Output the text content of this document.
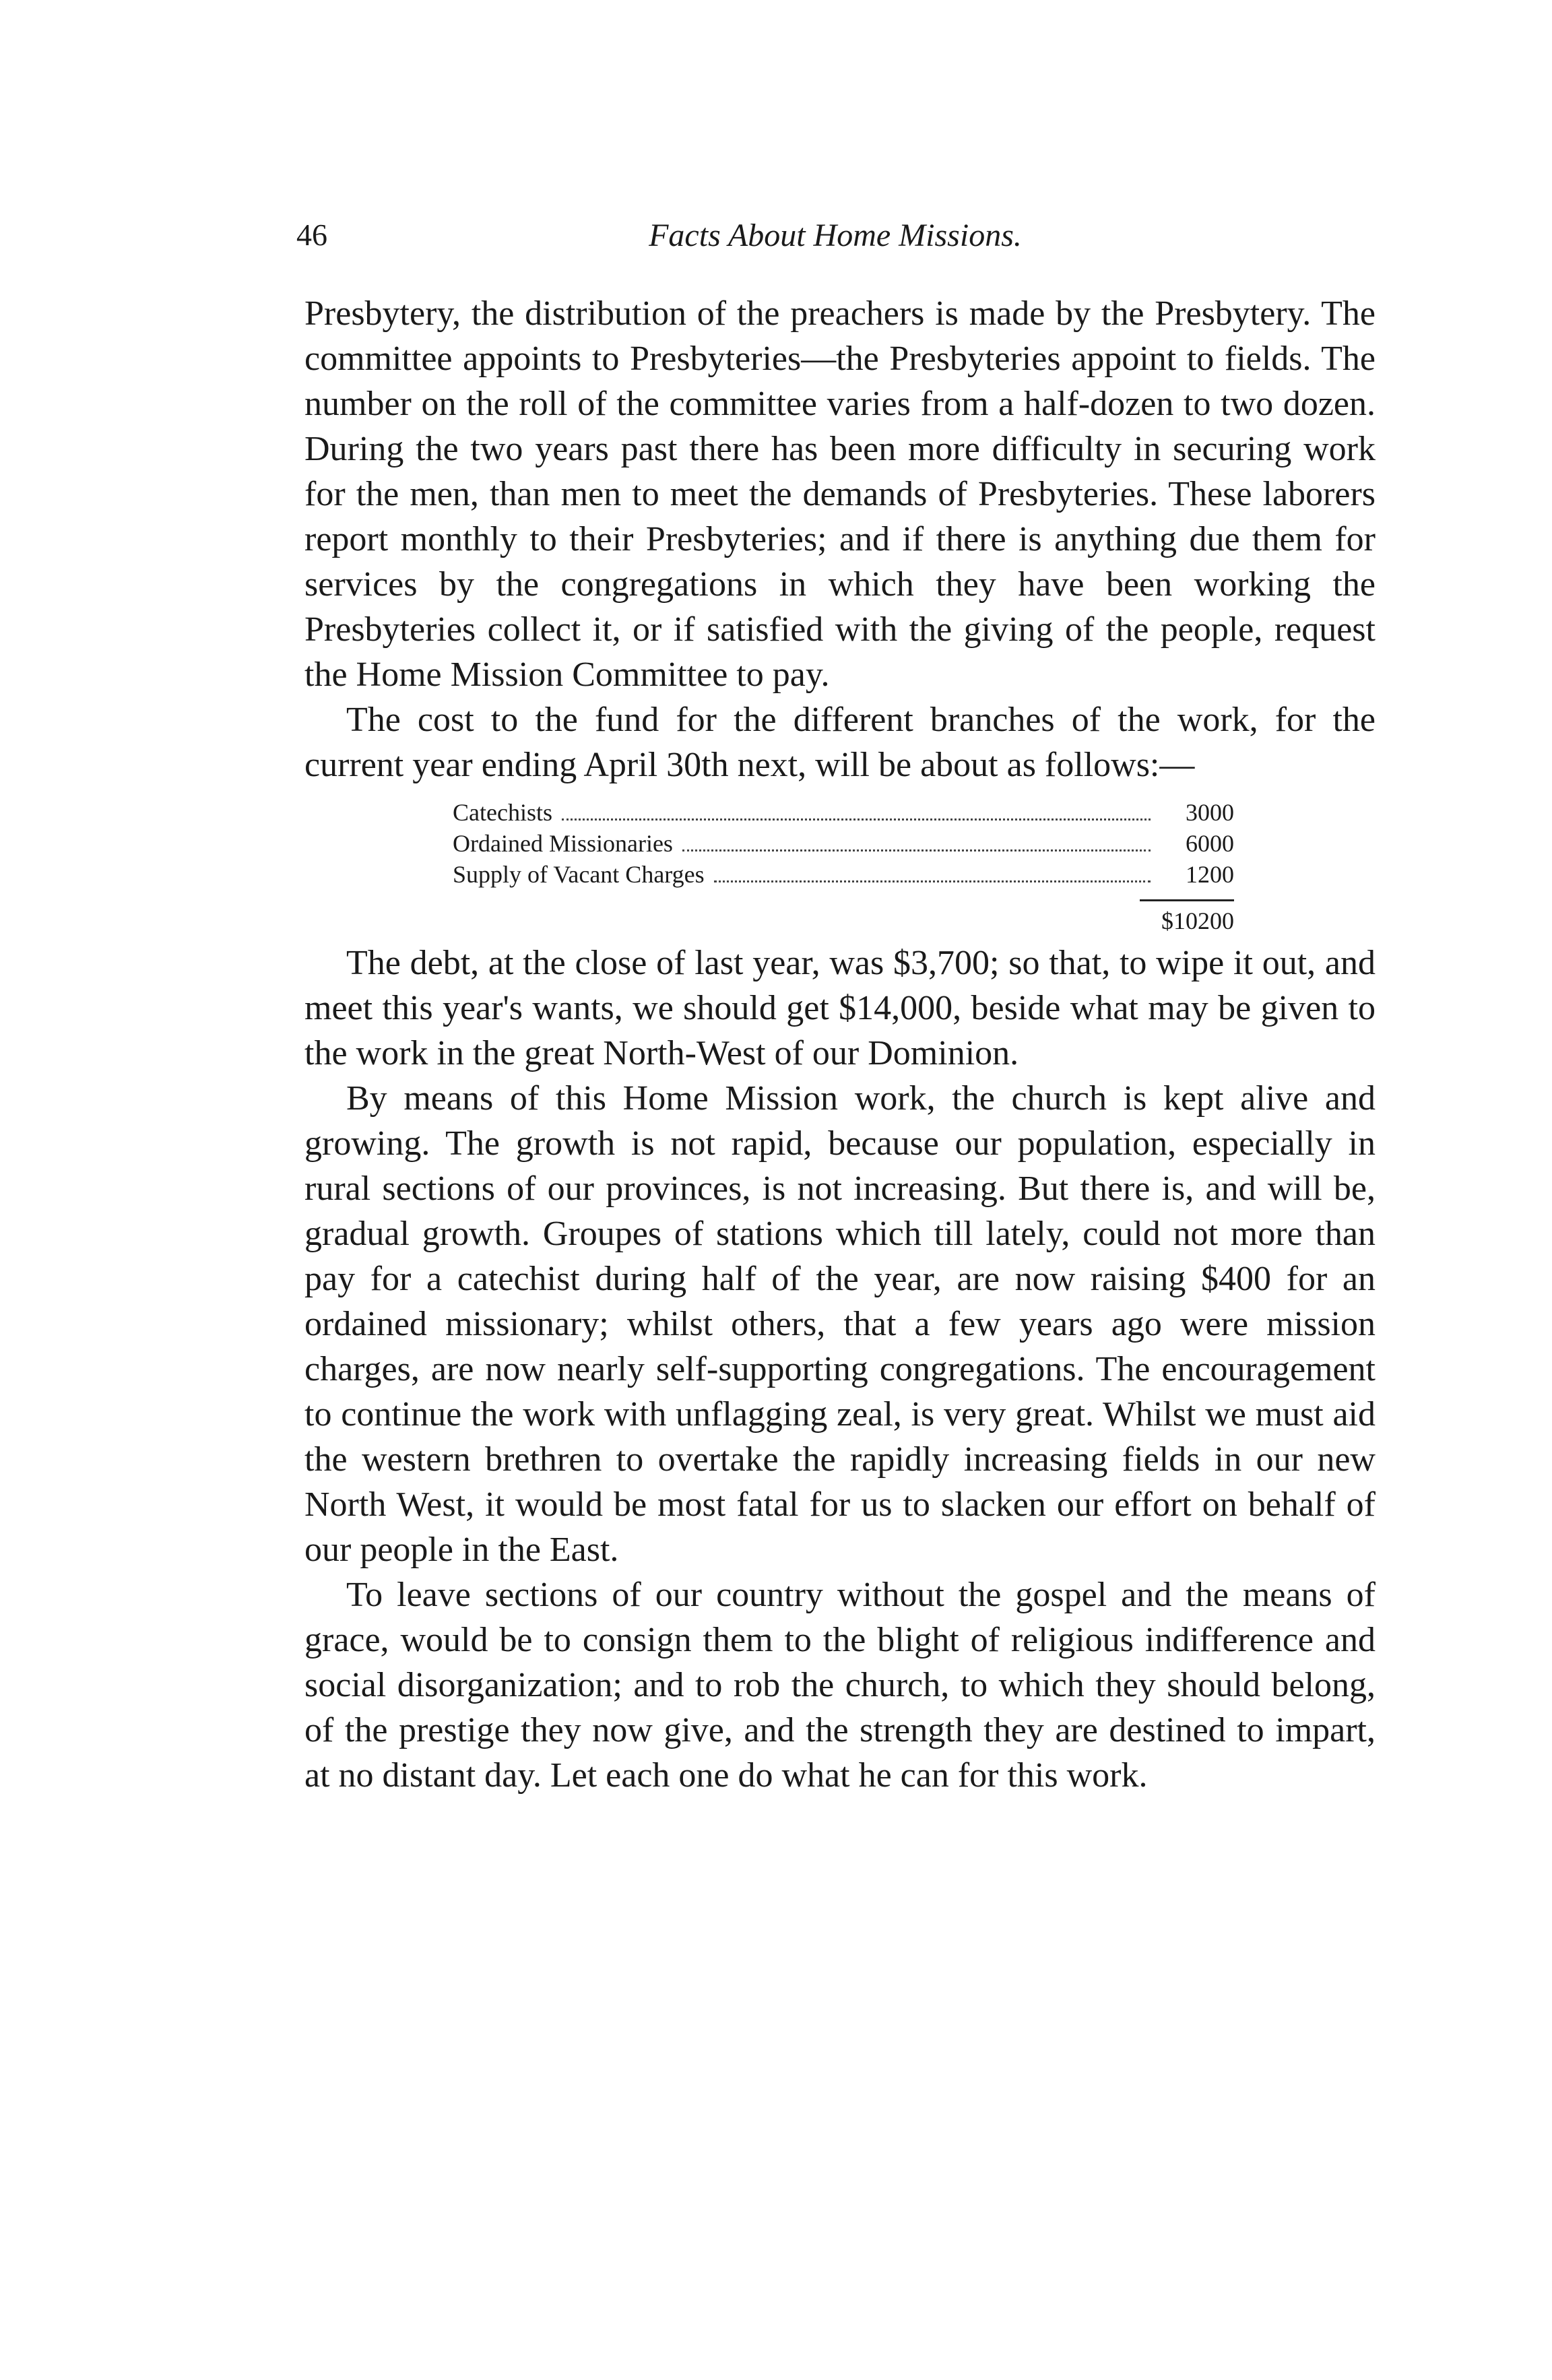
46	Facts About Home Missions.

Presbytery, the distribution of the preachers is made by the Presbytery. The committee appoints to Presbyteries—the Presbyteries appoint to fields. The number on the roll of the committee varies from a half-dozen to two dozen. During the two years past there has been more difficulty in securing work for the men, than men to meet the demands of Presbyteries. These laborers report monthly to their Presbyteries; and if there is anything due them for services by the congregations in which they have been working the Presbyteries collect it, or if satisfied with the giving of the people, request the Home Mission Committee to pay.

The cost to the fund for the different branches of the work, for the current year ending April 30th next, will be about as follows:—

Catechists	3000
Ordained Missionaries	6000
Supply of Vacant Charges	1200
$10200

The debt, at the close of last year, was $3,700; so that, to wipe it out, and meet this year's wants, we should get $14,000, beside what may be given to the work in the great North-West of our Dominion.

By means of this Home Mission work, the church is kept alive and growing. The growth is not rapid, because our population, especially in rural sections of our provinces, is not increasing. But there is, and will be, gradual growth. Groupes of stations which till lately, could not more than pay for a catechist during half of the year, are now raising $400 for an ordained missionary; whilst others, that a few years ago were mission charges, are now nearly self-supporting congregations. The encouragement to continue the work with unflagging zeal, is very great. Whilst we must aid the western brethren to overtake the rapidly increasing fields in our new North West, it would be most fatal for us to slacken our effort on behalf of our people in the East.

To leave sections of our country without the gospel and the means of grace, would be to consign them to the blight of religious indifference and social disorganization; and to rob the church, to which they should belong, of the prestige they now give, and the strength they are destined to impart, at no distant day. Let each one do what he can for this work.
